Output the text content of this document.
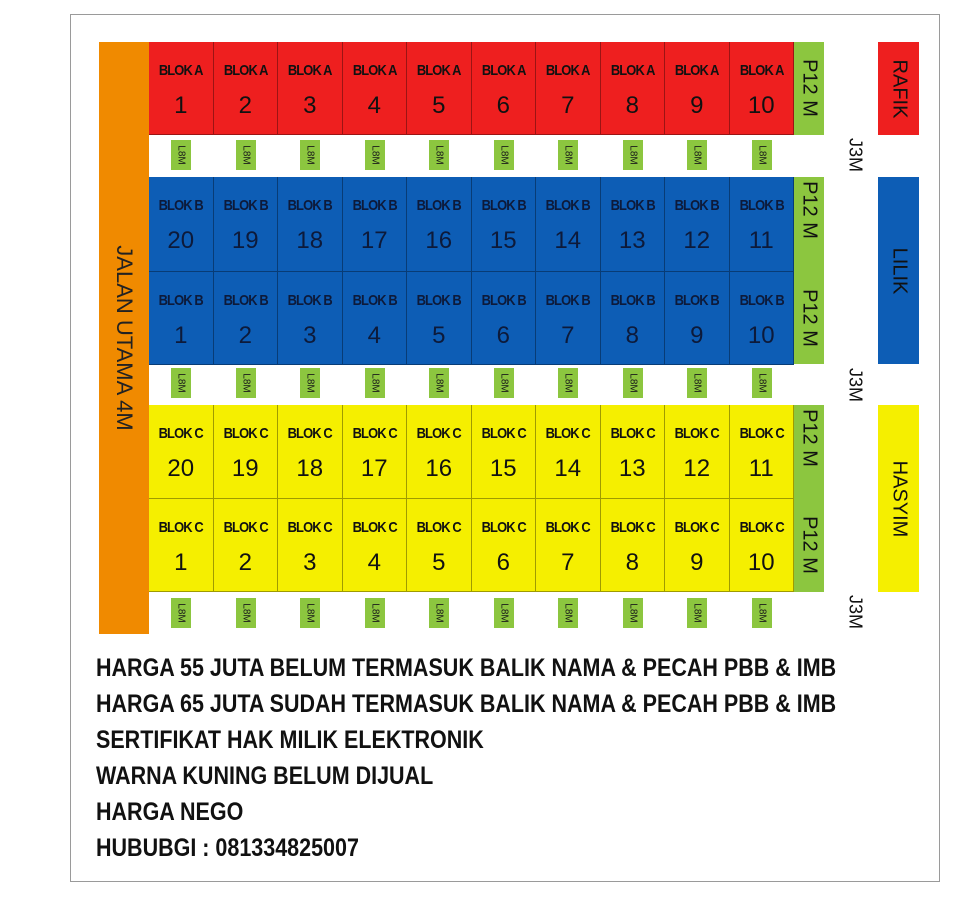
JALAN UTAMA 4M
BLOK A
1
BLOK A
2
BLOK A
3
BLOK A
4
BLOK A
5
BLOK A
6
BLOK A
7
BLOK A
8
BLOK A
9
BLOK A
10
BLOK B
20
BLOK B
19
BLOK B
18
BLOK B
17
BLOK B
16
BLOK B
15
BLOK B
14
BLOK B
13
BLOK B
12
BLOK B
11
BLOK B
1
BLOK B
2
BLOK B
3
BLOK B
4
BLOK B
5
BLOK B
6
BLOK B
7
BLOK B
8
BLOK B
9
BLOK B
10
BLOK C
20
BLOK C
19
BLOK C
18
BLOK C
17
BLOK C
16
BLOK C
15
BLOK C
14
BLOK C
13
BLOK C
12
BLOK C
11
BLOK C
1
BLOK C
2
BLOK C
3
BLOK C
4
BLOK C
5
BLOK C
6
BLOK C
7
BLOK C
8
BLOK C
9
BLOK C
10
L8M	L8M	L8M	L8M	L8M	L8M	L8M	L8M	L8M	L8M
L8M	L8M	L8M	L8M	L8M	L8M	L8M	L8M	L8M	L8M
L8M	L8M	L8M	L8M	L8M	L8M	L8M	L8M	L8M	L8M
P12 M
P12 M
P12 M
P12 M
P12 M
J3M
J3M
J3M
RAFIK
LILIK
HASYIM
HARGA 55 JUTA BELUM TERMASUK BALIK NAMA & PECAH PBB & IMB
HARGA 65 JUTA SUDAH TERMASUK BALIK NAMA & PECAH PBB & IMB
SERTIFIKAT HAK MILIK ELEKTRONIK
WARNA KUNING BELUM DIJUAL
HARGA NEGO
HUBUBGI : 081334825007
